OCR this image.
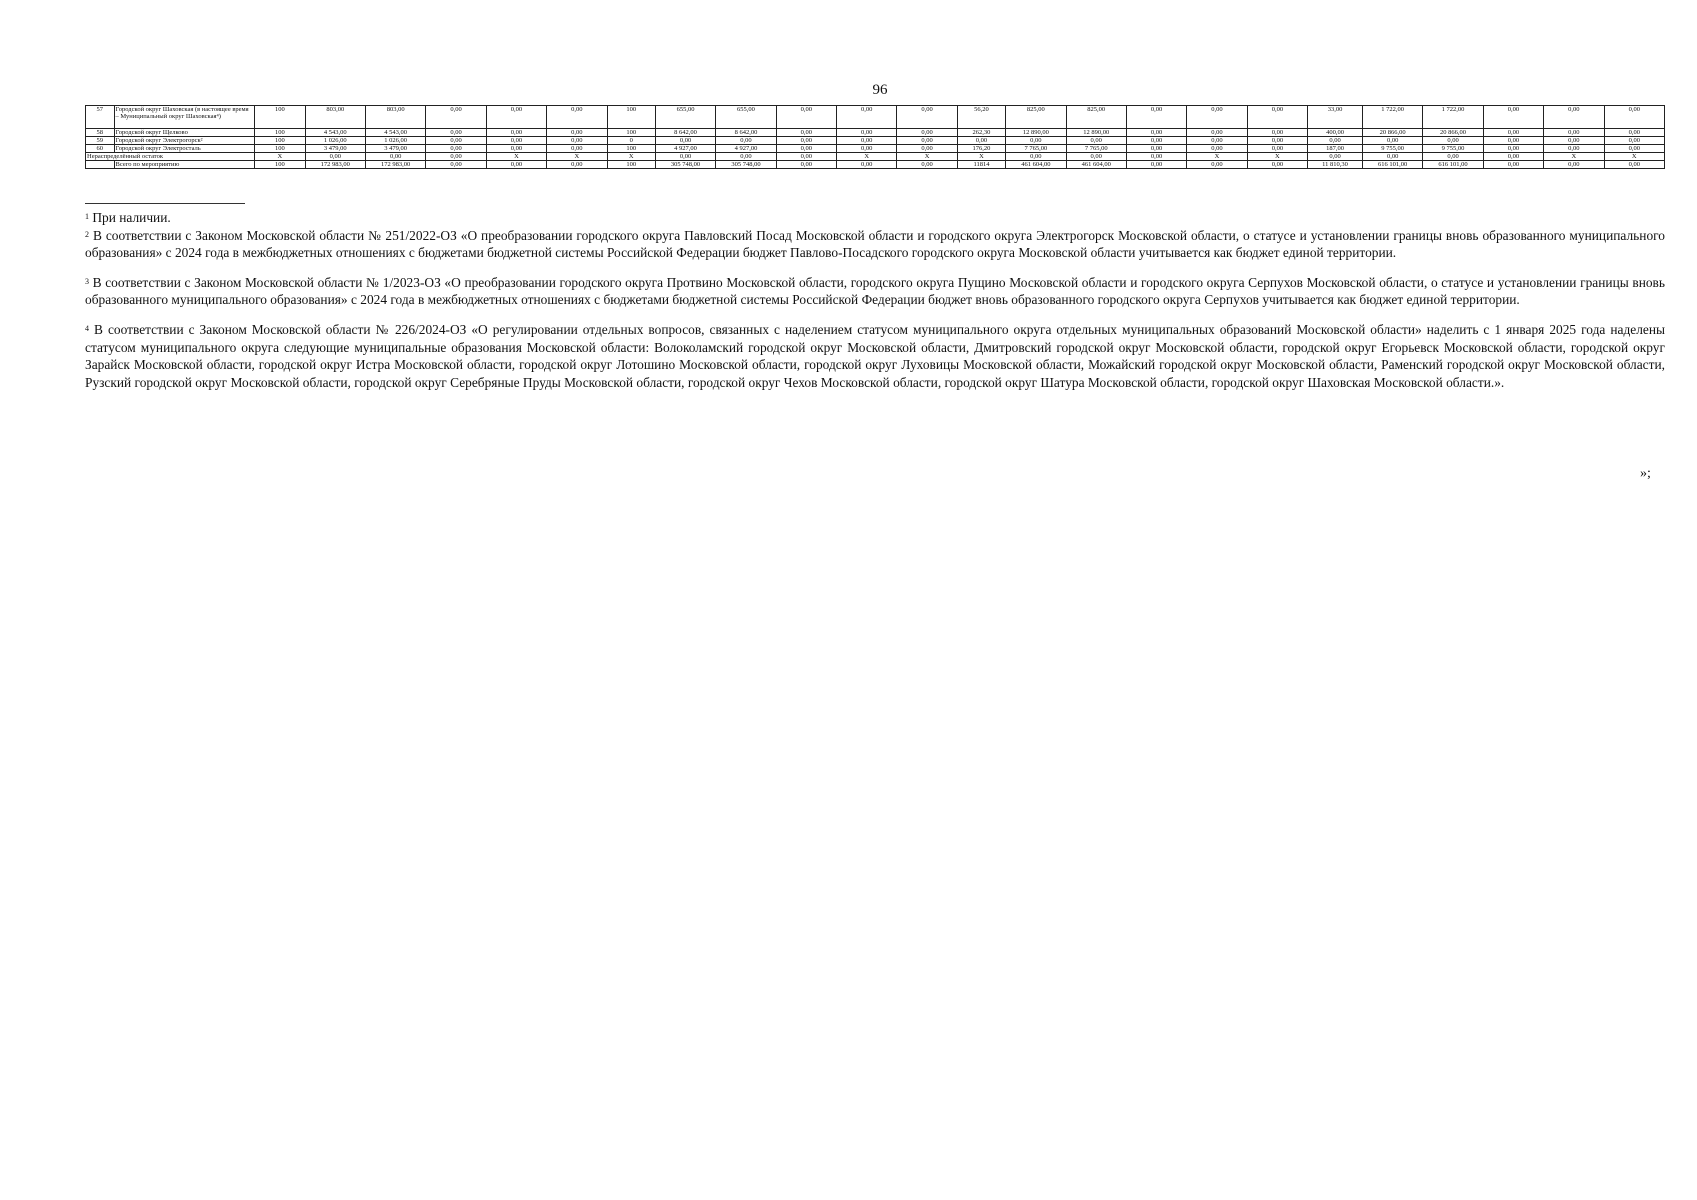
96
57	Городской округ Шаховская (в настоящее время – Муниципальный округ Шаховская⁴)	100	803,00	803,00	0,00	0,00	0,00	100	655,00	655,00	0,00	0,00	0,00	56,20	825,00	825,00	0,00	0,00	0,00	33,00	1 722,00	1 722,00	0,00	0,00	0,00
58	Городской округ Щелково	100	4 543,00	4 543,00	0,00	0,00	0,00	100	8 642,00	8 642,00	0,00	0,00	0,00	262,30	12 890,00	12 890,00	0,00	0,00	0,00	400,00	20 866,00	20 866,00	0,00	0,00	0,00
59	Городской округ Электрогорск²	100	1 026,00	1 026,00	0,00	0,00	0,00	0	0,00	0,00	0,00	0,00	0,00	0,00	0,00	0,00	0,00	0,00	0,00	0,00	0,00	0,00	0,00	0,00	0,00
60	Городской округ Электросталь	100	3 479,00	3 479,00	0,00	0,00	0,00	100	4 927,00	4 927,00	0,00	0,00	0,00	176,20	7 765,00	7 765,00	0,00	0,00	0,00	187,00	9 755,00	9 755,00	0,00	0,00	0,00
Нераспределённый остаток		X	0,00	0,00	0,00	X	X	X	0,00	0,00	0,00	X	X	X	0,00	0,00	0,00	X	X	0,00	0,00	0,00	0,00	X	X
	Всего по мероприятию	100	172 983,00	172 983,00	0,00	0,00	0,00	100	305 748,00	305 748,00	0,00	0,00	0,00	11814	461 604,00	461 604,00	0,00	0,00	0,00	11 810,30	616 101,00	616 101,00	0,00	0,00	0,00

$^1$ При наличии.

$^2$ В соответствии с Законом Московской области № 251/2022-ОЗ «О преобразовании городского округа Павловский Посад Московской области и городского округа Электрогорск Московской области, о статусе и установлении границы вновь образованного муниципального образования» с 2024 года в межбюджетных отношениях с бюджетами бюджетной системы Российской Федерации бюджет Павлово-Посадского городского округа Московской области учитывается как бюджет единой территории.

$^3$ В соответствии с Законом Московской области № 1/2023-ОЗ «О преобразовании городского округа Протвино Московской области, городского округа Пущино Московской области и городского округа Серпухов Московской области, о статусе и установлении границы вновь образованного муниципального образования» с 2024 года в межбюджетных отношениях с бюджетами бюджетной системы Российской Федерации бюджет вновь образованного городского округа Серпухов учитывается как бюджет единой территории.

$^4$ В соответствии с Законом Московской области № 226/2024-ОЗ «О регулировании отдельных вопросов, связанных с наделением статусом муниципального округа отдельных муниципальных образований Московской области» наделить с 1 января 2025 года наделены статусом муниципального округа следующие муниципальные образования Московской области: Волоколамский городской округ Московской области, Дмитровский городской округ Московской области, городской округ Егорьевск Московской области, городской округ Зарайск Московской области, городской округ Истра Московской области, городской округ Лотошино Московской области, городской округ Луховицы Московской области, Можайский городской округ Московской области, Раменский городской округ Московской области, Рузский городской округ Московской области, городской округ Серебряные Пруды Московской области, городской округ Чехов Московской области, городской округ Шатура Московской области, городской округ Шаховская Московской области.».

»;
